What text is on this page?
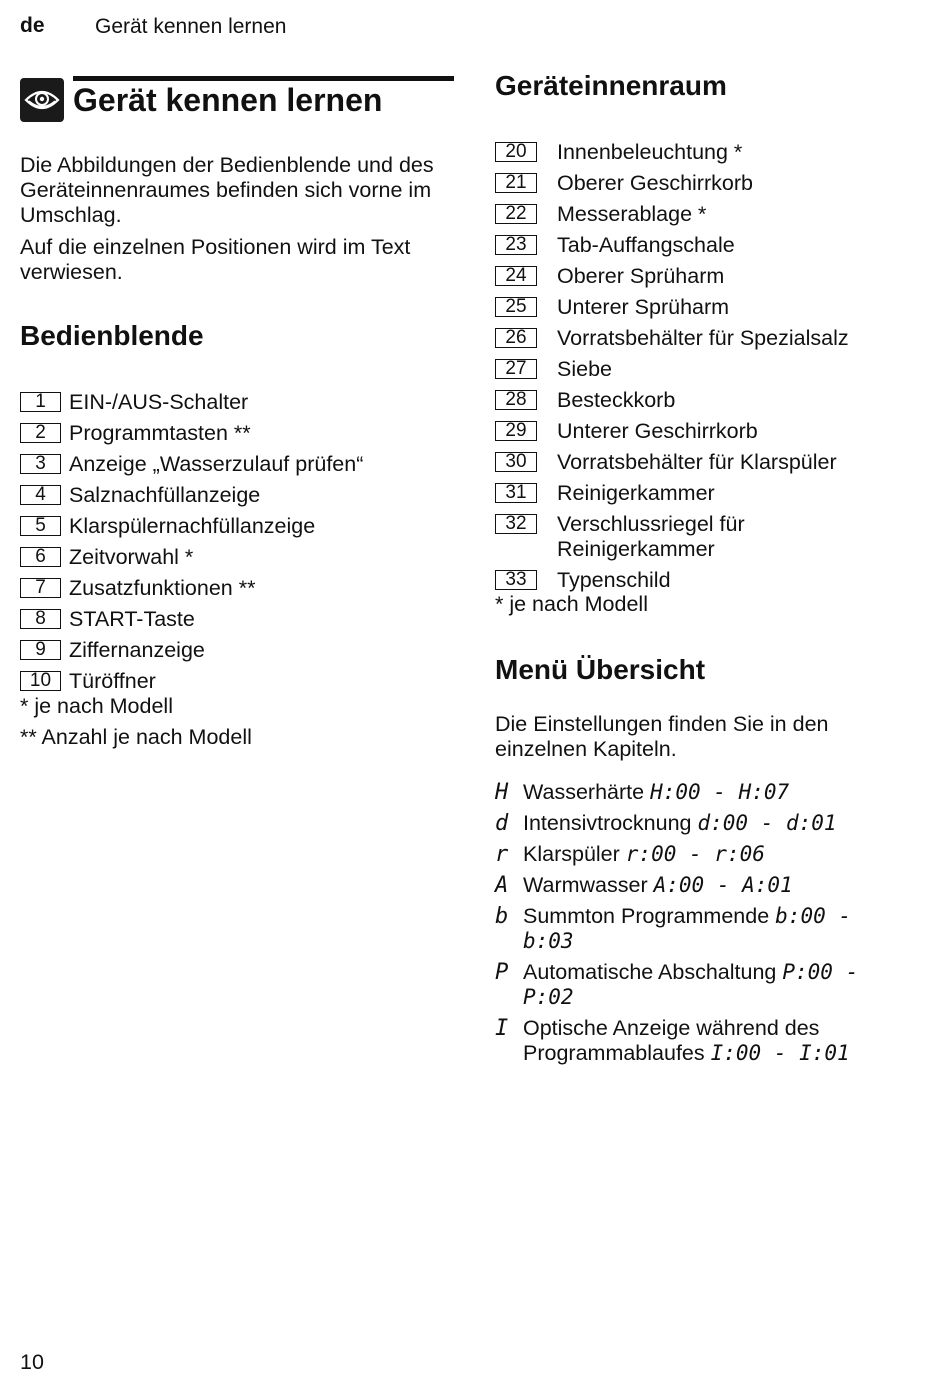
de Gerät kennen lernen
Gerät kennen lernen
Die Abbildungen der Bedienblende und des Geräteinnenraumes befinden sich vorne im Umschlag.
Auf die einzelnen Positionen wird im Text verwiesen.
Bedienblende
1	EIN-/AUS-Schalter
2	Programmtasten **
3	Anzeige „Wasserzulauf prüfen“
4	Salznachfüllanzeige
5	Klarspülernachfüllanzeige
6	Zeitvorwahl *
7	Zusatzfunktionen **
8	START-Taste
9	Ziffernanzeige
10 Türöffner
* je nach Modell
** Anzahl je nach Modell
Geräteinnenraum
20	Innenbeleuchtung *
21	Oberer Geschirrkorb
22	Messerablage *
23	Tab-Auffangschale
24	Oberer Sprüharm
25	Unterer Sprüharm
26	Vorratsbehälter für Spezialsalz
27	Siebe
28	Besteckkorb
29	Unterer Geschirrkorb
30	Vorratsbehälter für Klarspüler
31	Reinigerkammer
32	Verschlussriegel für Reinigerkammer
33	Typenschild
* je nach Modell
Menü Übersicht
Die Einstellungen finden Sie in den einzelnen Kapiteln.
H Wasserhärte H:00 - H:07
d Intensivtrocknung d:00 - d:01
r Klarspüler r:00 - r:06
A Warmwasser A:00 - A:01
b Summton Programmende b:00 - b:03
P Automatische Abschaltung P:00 - P:02
I Optische Anzeige während des Programmablaufes I:00 - I:01
10
